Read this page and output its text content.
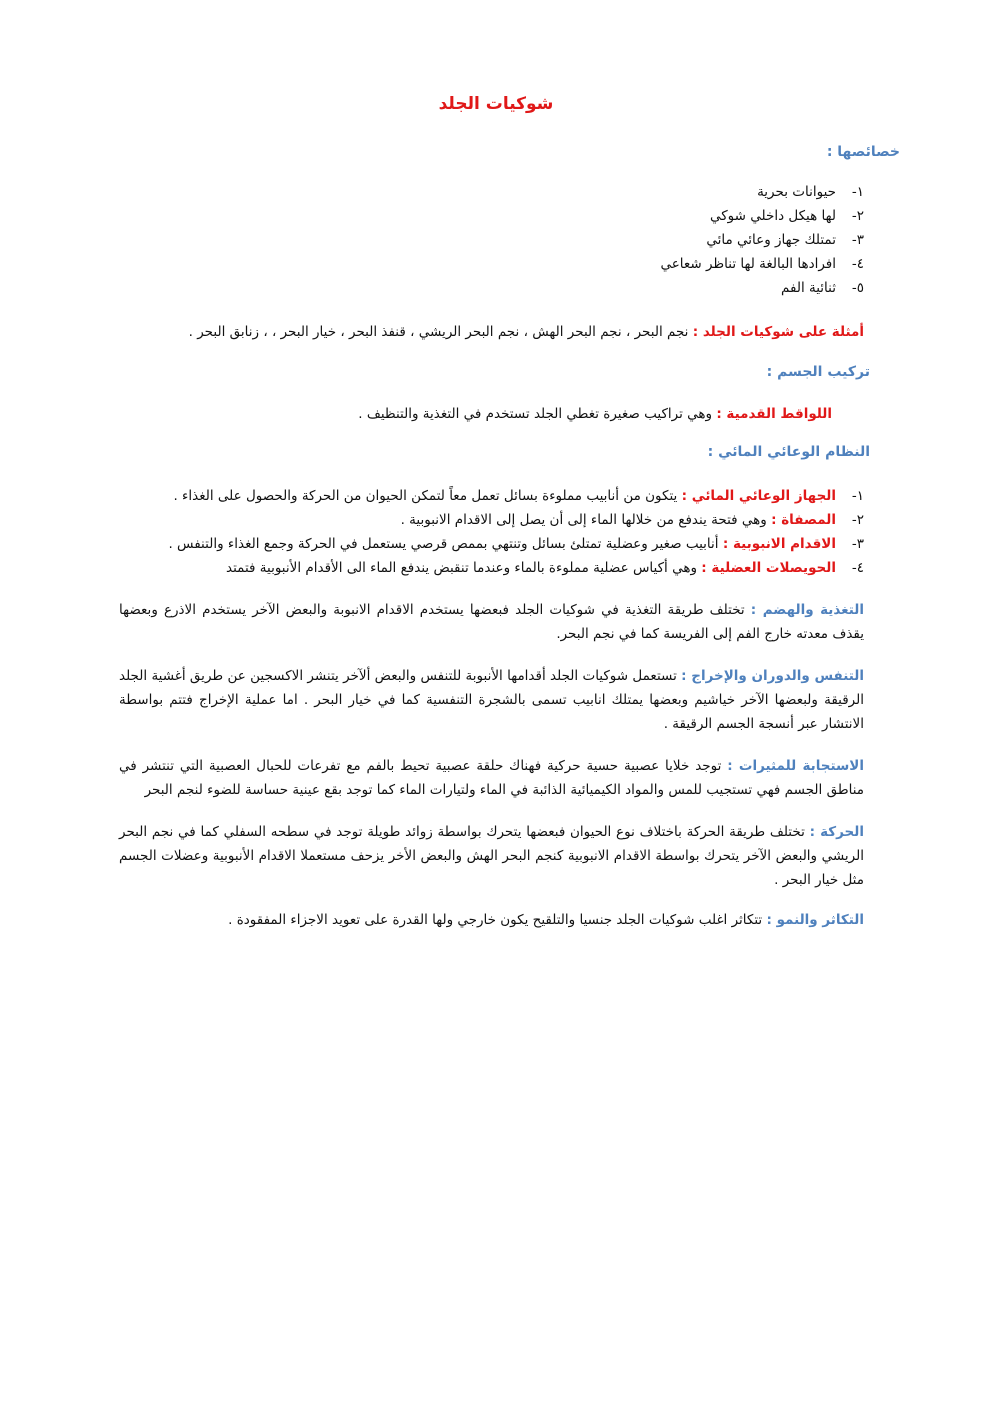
شوكيات الجلد
خصائصها :
١-حيوانات بحرية
٢-لها هيكل داخلي شوكي
٣-تمتلك جهاز وعائي مائي
٤-افرادها البالغة لها تناظر شعاعي
٥-ثنائية الفم
أمثلة على شوكيات الجلد : نجم البحر ، نجم البحر الهش ، نجم البحر الريشي ، قنفذ البحر ، خيار البحر ، ، زنابق البحر .
تركيب الجسم :
اللواقط القدمية : وهي تراكيب صغيرة تغطي الجلد تستخدم في التغذية والتنظيف .
النظام الوعائي المائي :
١-الجهاز الوعائي المائي : يتكون من أنابيب مملوءة بسائل تعمل معاً لتمكن الحيوان من الحركة والحصول على الغذاء .
٢-المصفاة : وهي فتحة يندفع من خلالها الماء إلى أن يصل إلى الاقدام الانبوبية .
٣-الاقدام الانبوبية : أنابيب صغير وعضلية تمتلئ بسائل وتنتهي بممص قرصي يستعمل في الحركة وجمع الغذاء والتنفس .
٤-الحويصلات العضلية : وهي أكياس عضلية مملوءة بالماء وعندما تنقبض يندفع الماء الى الأقدام الأنبوبية فتمتد
التغذية والهضم : تختلف طريقة التغذية في شوكيات الجلد فبعضها يستخدم الاقدام الانبوبة والبعض الآخر يستخدم الاذرع وبعضها يقذف معدته خارج الفم إلى الفريسة كما في نجم البحر.
التنفس والدوران والإخراج : تستعمل شوكيات الجلد أقدامها الأنبوبة للتنفس والبعض ألآخر يتنشر الاكسجين عن طريق أغشية الجلد الرقيقة ولبعضها الآخر خياشيم وبعضها يمتلك انابيب تسمى بالشجرة التنفسية كما في خيار البحر . اما عملية الإخراج فتتم بواسطة الانتشار عبر أنسجة الجسم الرقيقة .
الاستجابة للمثيرات : توجد خلايا عصبية حسية حركية فهناك حلقة عصبية تحيط بالفم مع تفرعات للحبال العصبية التي تنتشر في مناطق الجسم فهي تستجيب للمس والمواد الكيميائية الذائبة في الماء ولتيارات الماء كما توجد بقع عينية حساسة للضوء لنجم البحر
الحركة : تختلف طريقة الحركة باختلاف نوع الحيوان فبعضها يتحرك بواسطة زوائد طويلة توجد في سطحه السفلي كما في نجم البحر الريشي والبعض الآخر يتحرك بواسطة الاقدام الانبوبية كنجم البحر الهش والبعض الأخر يزحف مستعملا الاقدام الأنبوبية وعضلات الجسم مثل خيار البحر .
التكاثر والنمو : تتكاثر اغلب شوكيات الجلد جنسيا والتلقيح يكون خارجي ولها القدرة على تعويد الاجزاء المفقودة .
